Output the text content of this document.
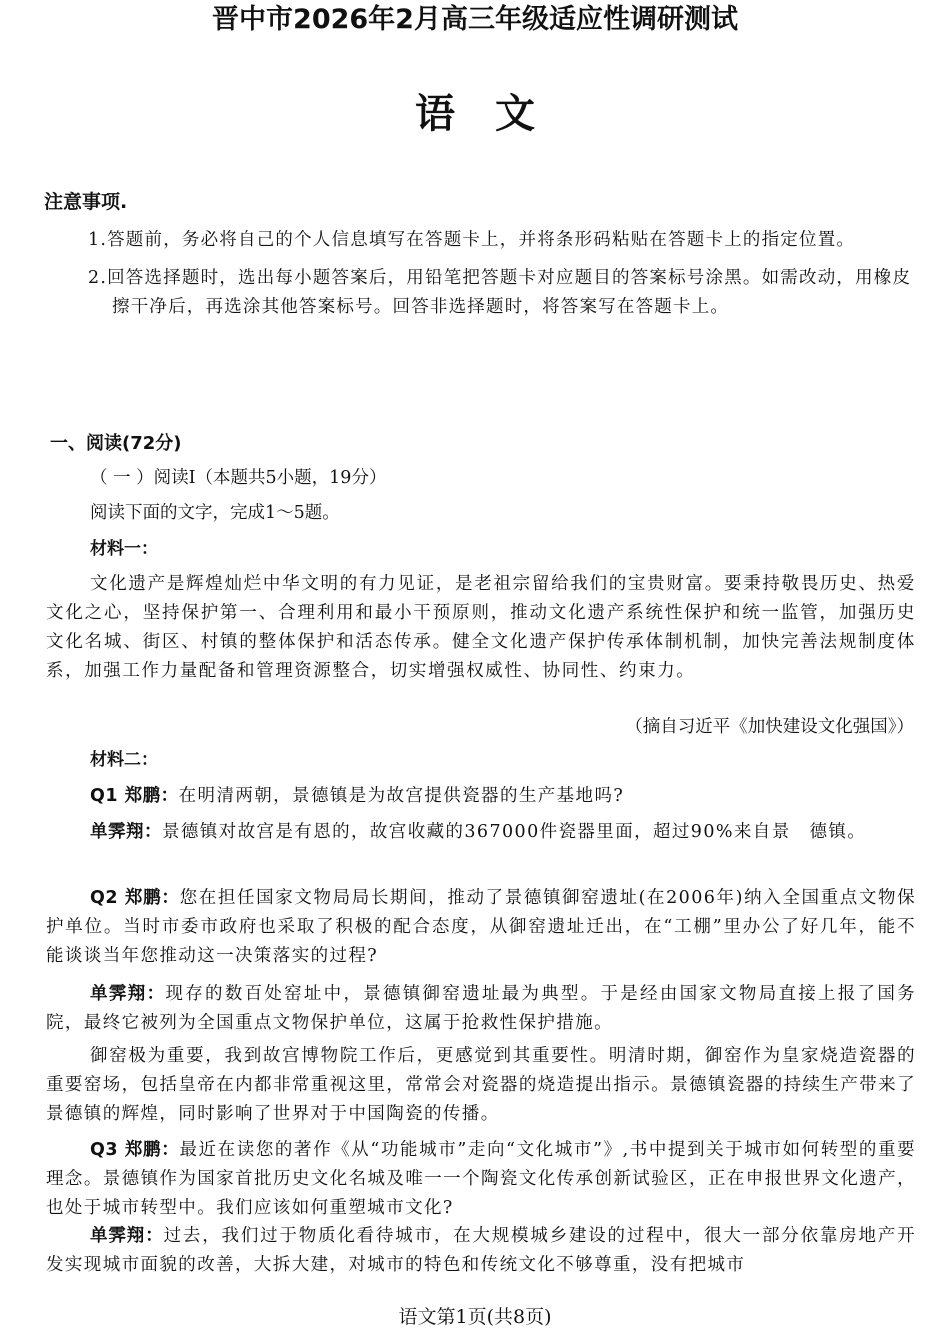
晋中市2026年2月高三年级适应性调研测试
语文
注意事项.
1.答题前，务必将自己的个人信息填写在答题卡上，并将条形码粘贴在答题卡上的指定位置。
2.回答选择题时，选出每小题答案后，用铅笔把答题卡对应题目的答案标号涂黑。如需改动，用橡皮擦干净后，再选涂其他答案标号。回答非选择题时，将答案写在答题卡上。
一、阅读(72分)
（ 一 ）阅读Ⅰ（本题共5小题，19分）
阅读下面的文字，完成1～5题。
材料一：

文化遗产是辉煌灿烂中华文明的有力见证，是老祖宗留给我们的宝贵财富。要秉持敬畏历史、热爱文化之心，坚持保护第一、合理利用和最小干预原则，推动文化遗产系统性保护和统一监管，加强历史文化名城、街区、村镇的整体保护和活态传承。健全文化遗产保护传承体制机制，加快完善法规制度体系，加强工作力量配备和管理资源整合，切实增强权威性、协同性、约束力。

（摘自习近平《加快建设文化强国》）
材料二：

Q1 郑鹏：在明清两朝，景德镇是为故宫提供瓷器的生产基地吗?

单霁翔：景德镇对故宫是有恩的，故宫收藏的367000件瓷器里面，超过90%来自景　德镇。

Q2 郑鹏：您在担任国家文物局局长期间，推动了景德镇御窑遗址(在2006年)纳入全国重点文物保护单位。当时市委市政府也采取了积极的配合态度，从御窑遗址迁出，在“工棚”里办公了好几年，能不能谈谈当年您推动这一决策落实的过程?

单霁翔：现存的数百处窑址中，景德镇御窑遗址最为典型。于是经由国家文物局直接上报了国务院，最终它被列为全国重点文物保护单位，这属于抢救性保护措施。

御窑极为重要，我到故宫博物院工作后，更感觉到其重要性。明清时期，御窑作为皇家烧造瓷器的重要窑场，包括皇帝在内都非常重视这里，常常会对瓷器的烧造提出指示。景德镇瓷器的持续生产带来了景德镇的辉煌，同时影响了世界对于中国陶瓷的传播。

Q3 郑鹏：最近在读您的著作《从“功能城市”走向“文化城市”》,书中提到关于城市如何转型的重要理念。景德镇作为国家首批历史文化名城及唯一一个陶瓷文化传承创新试验区，正在申报世界文化遗产，也处于城市转型中。我们应该如何重塑城市文化?

单霁翔：过去，我们过于物质化看待城市，在大规模城乡建设的过程中，很大一部分依靠房地产开发实现城市面貌的改善，大拆大建，对城市的特色和传统文化不够尊重，没有把城市

语文第1页(共8页)
